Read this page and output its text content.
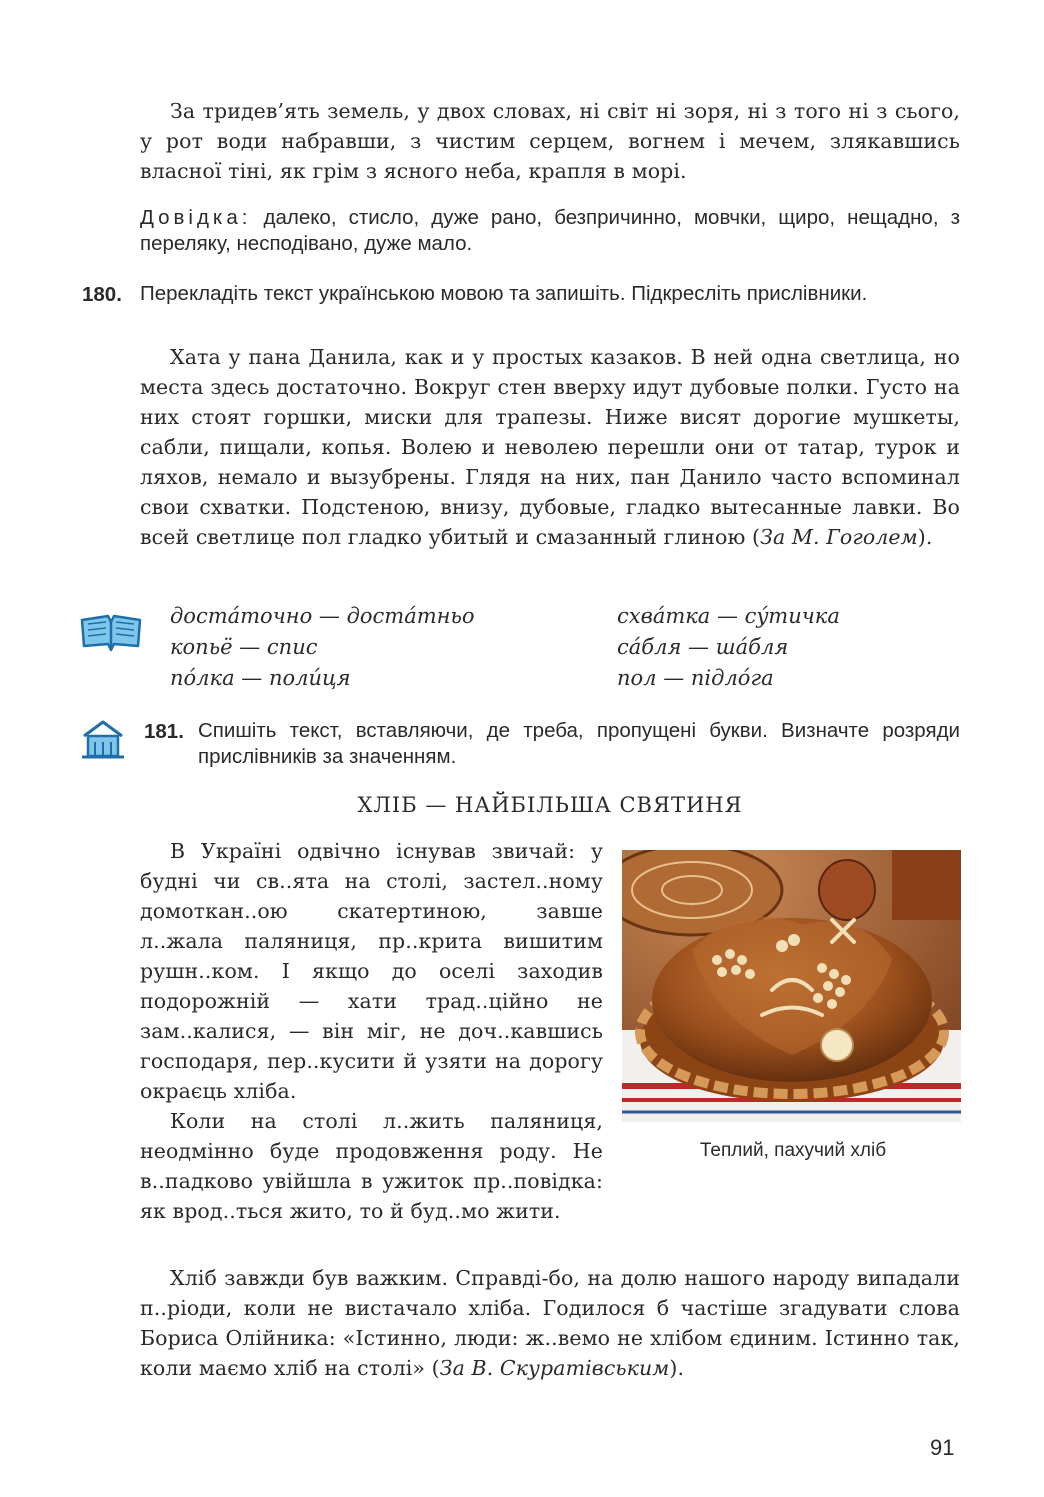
За тридев’ять земель, у двох словах, ні світ ні зоря, ні з того ні з сього, у рот води набравши, з чистим серцем, вогнем і мечем, злякавшись власної тіні, як грім з ясного неба, крапля в морі.

Довідка: далеко, стисло, дуже рано, безпричинно, мовчки, щиро, нещадно, з переляку, несподівано, дуже мало.

180. Перекладіть текст українською мовою та запишіть. Підкресліть прислівники.

Хата у пана Данила, как и у простых казаков. В ней одна светлица, но места здесь достаточно. Вокруг стен вверху идут дубовые полки. Густо на них стоят горшки, миски для трапезы. Ниже висят дорогие мушкеты, сабли, пищали, копья. Волею и неволею перешли они от татар, турок и ляхов, немало и вызубрены. Глядя на них, пан Данило часто вспоминал свои схватки. Подстеною, внизу, дубовые, гладко вытесанные лавки. Во всей светлице пол гладко убитый и смазанный глиною (За М. Гоголем).

достáточно — достáтньо
копьё — спис
пóлка — полúця
схвáтка — сýтичка
сáбля — шáбля
пол — підлóга
181. Спишіть текст, вставляючи, де треба, пропущені букви. Визначте розряди прислівників за значенням.
ХЛІБ — НАЙБІЛЬША СВЯТИНЯ

В Україні одвічно існував звичай: у будні чи св..ята на столі, застел..ному домоткан..ою скатертиною, завше л..жала паляниця, пр..крита вишитим рушн..ком. І якщо до оселі заходив подорожній — хати трад..ційно не зам..калися, — він міг, не доч..кавшись господаря, пер..кусити й узяти на дорогу окраєць хліба.

Коли на столі л..жить паляниця, неодмінно буде продовження роду. Не в..падково увійшла в ужиток пр..повідка: як врод..ться жито, то й буд..мо жити.

Теплий, пахучий хліб

Хліб завжди був важким. Справді-бо, на долю нашого народу випадали п..ріоди, коли не вистачало хліба. Годилося б частіше згадувати слова Бориса Олійника: «Істинно, люди: ж..вемо не хлібом єдиним. Істинно так, коли маємо хліб на столі» (За В. Скуратівським).

91
